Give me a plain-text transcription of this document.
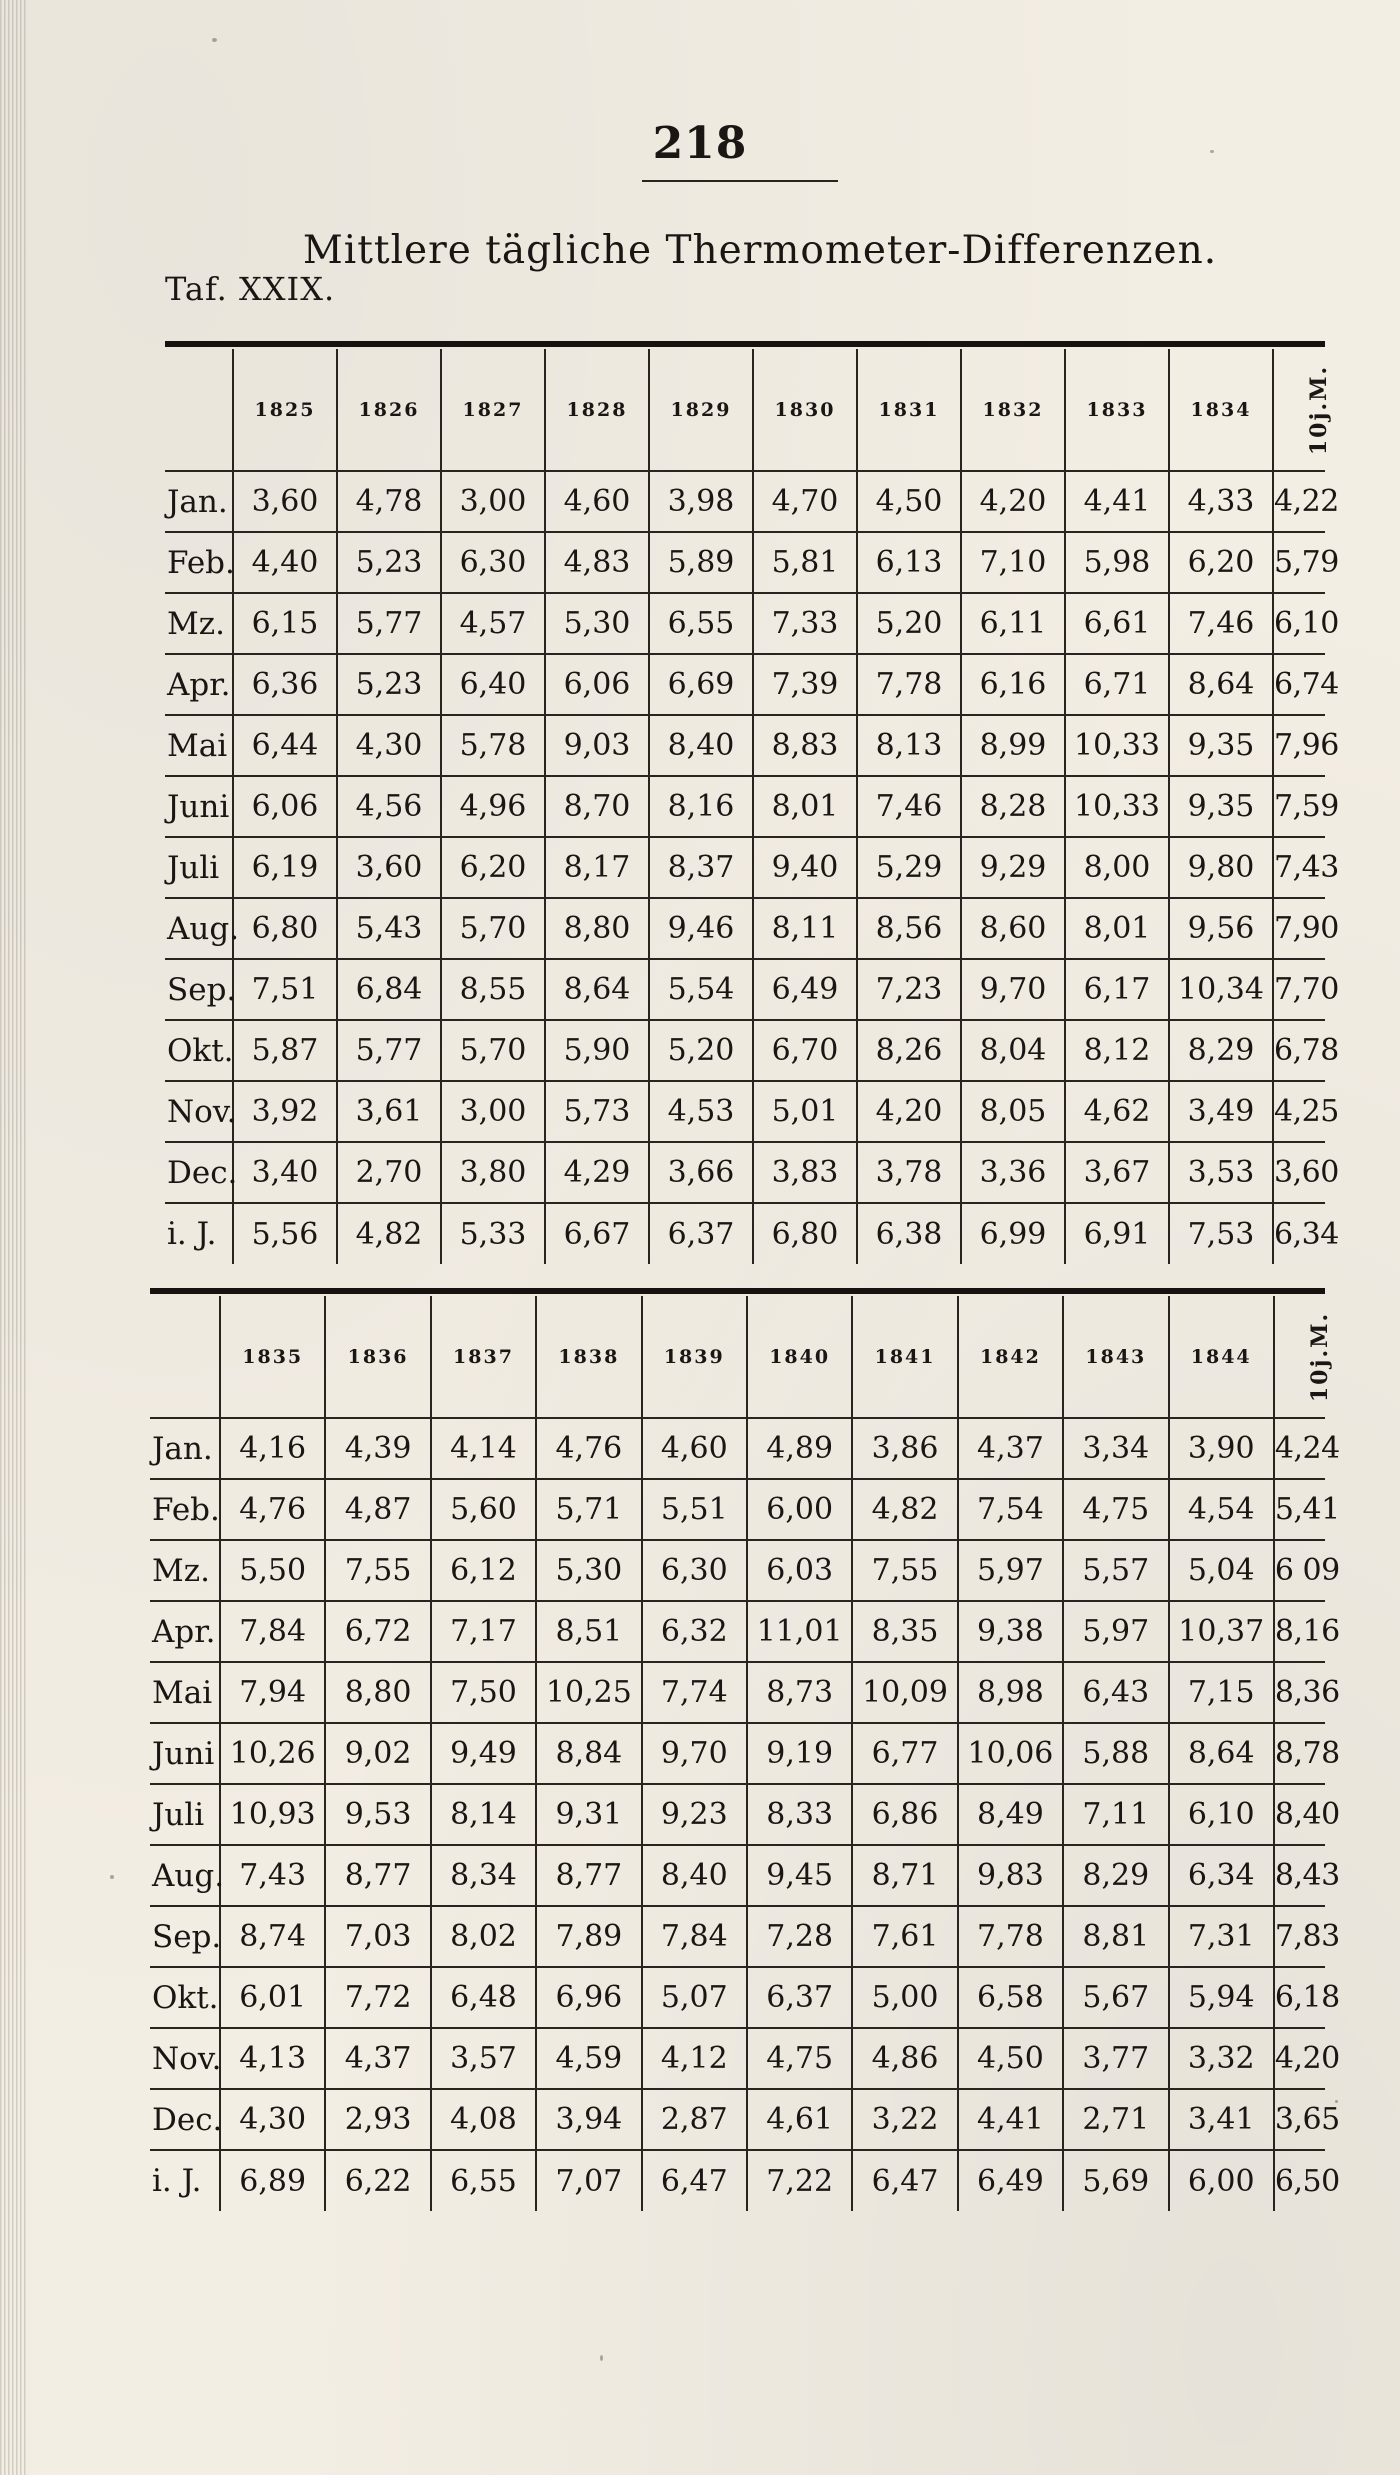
218
Mittlere tägliche Thermometer-Differenzen.
Taf. XXIX.
	1825	1826	1827	1828	1829	1830	1831	1832	1833	1834	10j.M.
Jan.	3,60	4,78	3,00	4,60	3,98	4,70	4,50	4,20	4,41	4,33	4,22
Feb.	4,40	5,23	6,30	4,83	5,89	5,81	6,13	7,10	5,98	6,20	5,79
Mz.	6,15	5,77	4,57	5,30	6,55	7,33	5,20	6,11	6,61	7,46	6,10
Apr.	6,36	5,23	6,40	6,06	6,69	7,39	7,78	6,16	6,71	8,64	6,74
Mai	6,44	4,30	5,78	9,03	8,40	8,83	8,13	8,99	10,33	9,35	7,96
Juni	6,06	4,56	4,96	8,70	8,16	8,01	7,46	8,28	10,33	9,35	7,59
Juli	6,19	3,60	6,20	8,17	8,37	9,40	5,29	9,29	8,00	9,80	7,43
Aug.	6,80	5,43	5,70	8,80	9,46	8,11	8,56	8,60	8,01	9,56	7,90
Sep.	7,51	6,84	8,55	8,64	5,54	6,49	7,23	9,70	6,17	10,34	7,70
Okt.	5,87	5,77	5,70	5,90	5,20	6,70	8,26	8,04	8,12	8,29	6,78
Nov.	3,92	3,61	3,00	5,73	4,53	5,01	4,20	8,05	4,62	3,49	4,25
Dec.	3,40	2,70	3,80	4,29	3,66	3,83	3,78	3,36	3,67	3,53	3,60
i. J.	5,56	4,82	5,33	6,67	6,37	6,80	6,38	6,99	6,91	7,53	6,34
	1835	1836	1837	1838	1839	1840	1841	1842	1843	1844	10j.M.
Jan.	4,16	4,39	4,14	4,76	4,60	4,89	3,86	4,37	3,34	3,90	4,24
Feb.	4,76	4,87	5,60	5,71	5,51	6,00	4,82	7,54	4,75	4,54	5,41
Mz.	5,50	7,55	6,12	5,30	6,30	6,03	7,55	5,97	5,57	5,04	6 09
Apr.	7,84	6,72	7,17	8,51	6,32	11,01	8,35	9,38	5,97	10,37	8,16
Mai	7,94	8,80	7,50	10,25	7,74	8,73	10,09	8,98	6,43	7,15	8,36
Juni	10,26	9,02	9,49	8,84	9,70	9,19	6,77	10,06	5,88	8,64	8,78
Juli	10,93	9,53	8,14	9,31	9,23	8,33	6,86	8,49	7,11	6,10	8,40
Aug.	7,43	8,77	8,34	8,77	8,40	9,45	8,71	9,83	8,29	6,34	8,43
Sep.	8,74	7,03	8,02	7,89	7,84	7,28	7,61	7,78	8,81	7,31	7,83
Okt.	6,01	7,72	6,48	6,96	5,07	6,37	5,00	6,58	5,67	5,94	6,18
Nov.	4,13	4,37	3,57	4,59	4,12	4,75	4,86	4,50	3,77	3,32	4,20
Dec.	4,30	2,93	4,08	3,94	2,87	4,61	3,22	4,41	2,71	3,41	3,65
i. J.	6,89	6,22	6,55	7,07	6,47	7,22	6,47	6,49	5,69	6,00	6,50
